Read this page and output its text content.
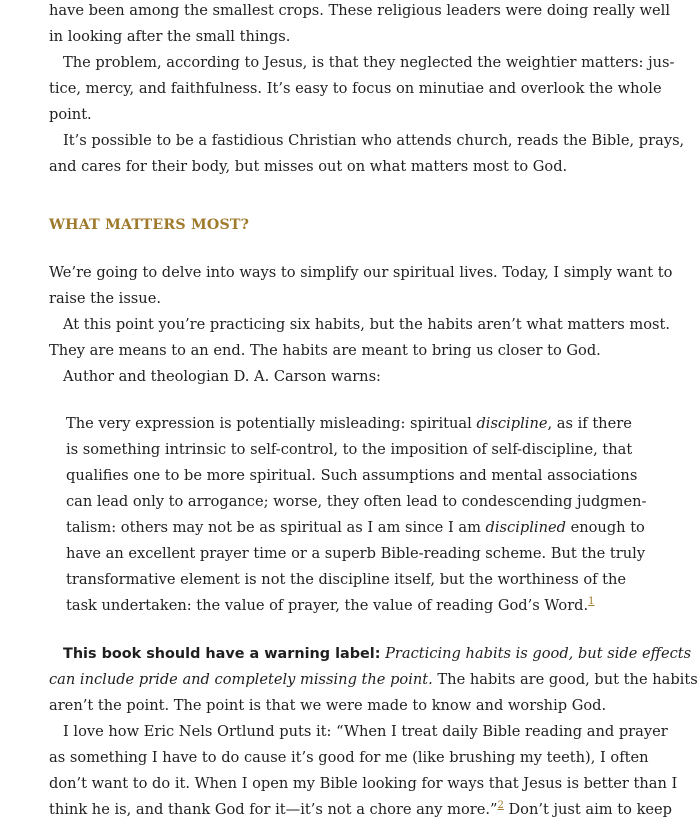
have been among the smallest crops. These religious leaders were doing really well
in looking after the small things.
The problem, according to Jesus, is that they neglected the weightier matters: jus-
tice, mercy, and faithfulness. It’s easy to focus on minutiae and overlook the whole
point.
It’s possible to be a fastidious Christian who attends church, reads the Bible, prays,
and cares for their body, but misses out on what matters most to God.
WHAT MATTERS MOST?
We’re going to delve into ways to simplify our spiritual lives. Today, I simply want to
raise the issue.
At this point you’re practicing six habits, but the habits aren’t what matters most.
They are means to an end. The habits are meant to bring us closer to God.
Author and theologian D. A. Carson warns:
The very expression is potentially misleading: spiritual discipline, as if there
is something intrinsic to self-control, to the imposition of self-discipline, that
qualifies one to be more spiritual. Such assumptions and mental associations
can lead only to arrogance; worse, they often lead to condescending judgmen-
talism: others may not be as spiritual as I am since I am disciplined enough to
have an excellent prayer time or a superb Bible-reading scheme. But the truly
transformative element is not the discipline itself, but the worthiness of the
task undertaken: the value of prayer, the value of reading God’s Word.$^1$
This book should have a warning label: Practicing habits is good, but side effects
can include pride and completely missing the point. The habits are good, but the habits
aren’t the point. The point is that we were made to know and worship God.
I love how Eric Nels Ortlund puts it: “When I treat daily Bible reading and prayer
as something I have to do cause it’s good for me (like brushing my teeth), I often
don’t want to do it. When I open my Bible looking for ways that Jesus is better than I
think he is, and thank God for it—it’s not a chore any more.”$^2$ Don’t just aim to keep
